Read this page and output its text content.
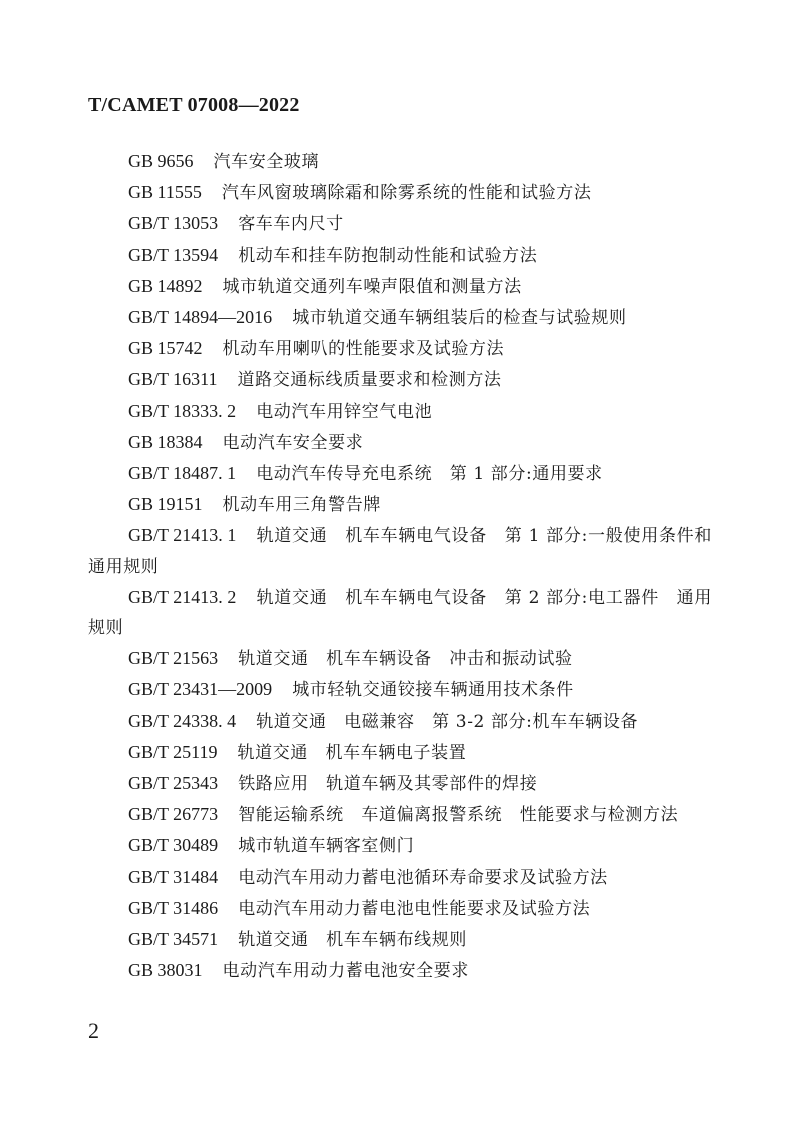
T/CAMET 07008—2022
GB 9656 汽车安全玻璃
GB 11555 汽车风窗玻璃除霜和除雾系统的性能和试验方法
GB/T 13053 客车车内尺寸
GB/T 13594 机动车和挂车防抱制动性能和试验方法
GB 14892 城市轨道交通列车噪声限值和测量方法
GB/T 14894—2016 城市轨道交通车辆组装后的检查与试验规则
GB 15742 机动车用喇叭的性能要求及试验方法
GB/T 16311 道路交通标线质量要求和检测方法
GB/T 18333. 2 电动汽车用锌空气电池
GB 18384 电动汽车安全要求
GB/T 18487. 1 电动汽车传导充电系统　第 1 部分:通用要求
GB 19151 机动车用三角警告牌
GB/T 21413. 1 轨道交通　机车车辆电气设备　第 1 部分:一般使用条件和通用规则
GB/T 21413. 2 轨道交通　机车车辆电气设备　第 2 部分:电工器件　通用规则
GB/T 21563 轨道交通　机车车辆设备　冲击和振动试验
GB/T 23431—2009 城市轻轨交通铰接车辆通用技术条件
GB/T 24338. 4 轨道交通　电磁兼容　第 3-2 部分:机车车辆设备
GB/T 25119 轨道交通　机车车辆电子装置
GB/T 25343 铁路应用　轨道车辆及其零部件的焊接
GB/T 26773 智能运输系统　车道偏离报警系统　性能要求与检测方法
GB/T 30489 城市轨道车辆客室侧门
GB/T 31484 电动汽车用动力蓄电池循环寿命要求及试验方法
GB/T 31486 电动汽车用动力蓄电池电性能要求及试验方法
GB/T 34571 轨道交通　机车车辆布线规则
GB 38031 电动汽车用动力蓄电池安全要求
2
